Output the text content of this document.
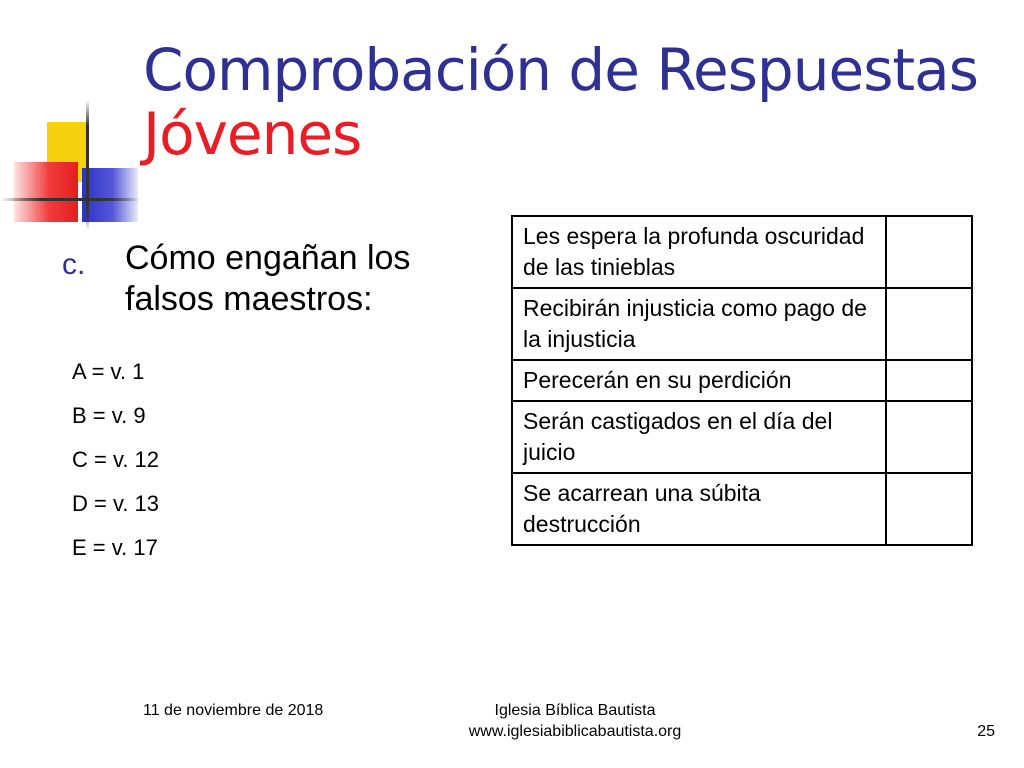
Comprobación de Respuestas
Jóvenes
c. Cómo engañan los falsos maestros:
A = v. 1
B = v. 9
C = v. 12
D = v. 13
E = v. 17
Les espera la profunda oscuridad de las tinieblas	
Recibirán injusticia como pago de la injusticia	
Perecerán en su perdición	
Serán castigados en el día del juicio	
Se acarrean una súbita destrucción	
11 de noviembre de 2018	Iglesia Bíblica Bautista
www.iglesiabiblicabautista.org	25
